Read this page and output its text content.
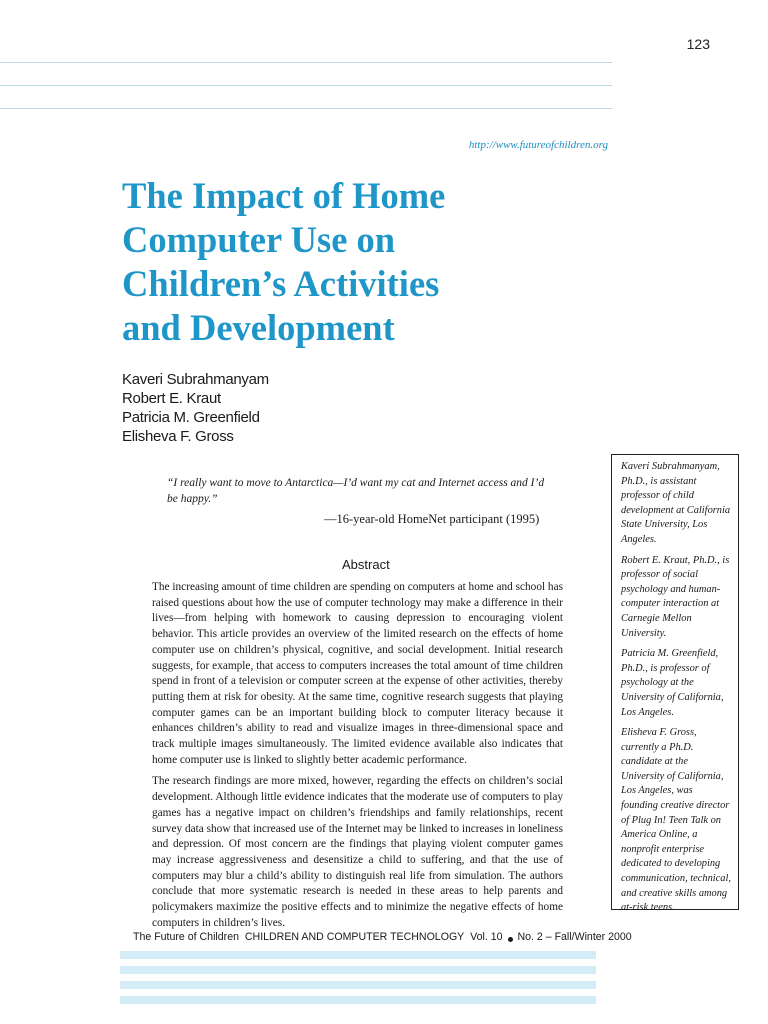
123
http://www.futureofchildren.org
The Impact of Home
Computer Use on
Children’s Activities
and Development
Kaveri Subrahmanyam
Robert E. Kraut
Patricia M. Greenfield
Elisheva F. Gross
“I really want to move to Antarctica—I’d want my cat and Internet access and I’d be happy.”
—16-year-old HomeNet participant (1995)
Abstract

The increasing amount of time children are spending on computers at home and school has raised questions about how the use of computer technology may make a difference in their lives—from helping with homework to causing depression to encouraging violent behavior. This article provides an overview of the limited research on the effects of home computer use on children’s physical, cognitive, and social development. Initial research suggests, for example, that access to computers increases the total amount of time children spend in front of a television or computer screen at the expense of other activities, thereby putting them at risk for obesity. At the same time, cognitive research suggests that playing computer games can be an important building block to computer literacy because it enhances children’s ability to read and visualize images in three-dimensional space and track multiple images simultaneously. The limited evidence available also indicates that home computer use is linked to slightly better academic performance.

The research findings are more mixed, however, regarding the effects on children’s social development. Although little evidence indicates that the moderate use of computers to play games has a negative impact on children’s friendships and family relationships, recent survey data show that increased use of the Internet may be linked to increases in loneliness and depression. Of most concern are the findings that playing violent computer games may increase aggressiveness and desensitize a child to suffering, and that the use of computers may blur a child’s ability to distinguish real life from simulation. The authors conclude that more systematic research is needed in these areas to help parents and policymakers maximize the positive effects and to minimize the negative effects of home computers in children’s lives.

Kaveri Subrahmanyam, Ph.D., is assistant professor of child development at California State University, Los Angeles.

Robert E. Kraut, Ph.D., is professor of social psychology and human-computer interaction at Carnegie Mellon University.

Patricia M. Greenfield, Ph.D., is professor of psychology at the University of California, Los Angeles.

Elisheva F. Gross, currently a Ph.D. candidate at the University of California, Los Angeles, was founding creative director of Plug In! Teen Talk on America Online, a nonprofit enterprise dedicated to developing communication, technical, and creative skills among at-risk teens.

The Future of Children CHILDREN AND COMPUTER TECHNOLOGY Vol. 10 No. 2 – Fall/Winter 2000
